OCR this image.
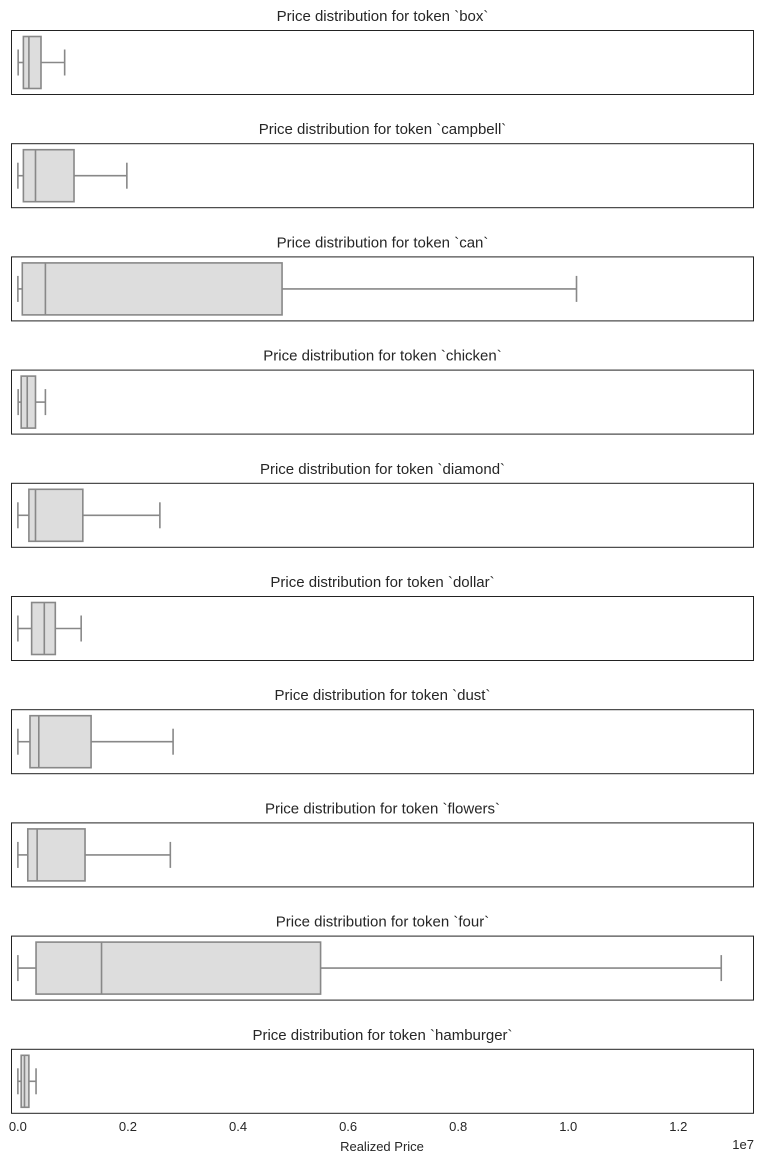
Price distribution for token `box`
Price distribution for token `campbell`
Price distribution for token `can`
Price distribution for token `chicken`
Price distribution for token `diamond`
Price distribution for token `dollar`
Price distribution for token `dust`
Price distribution for token `flowers`
Price distribution for token `four`
Price distribution for token `hamburger`
0.0	0.2	0.4	0.6	0.8	1.0	1.2
Realized Price	1e7
